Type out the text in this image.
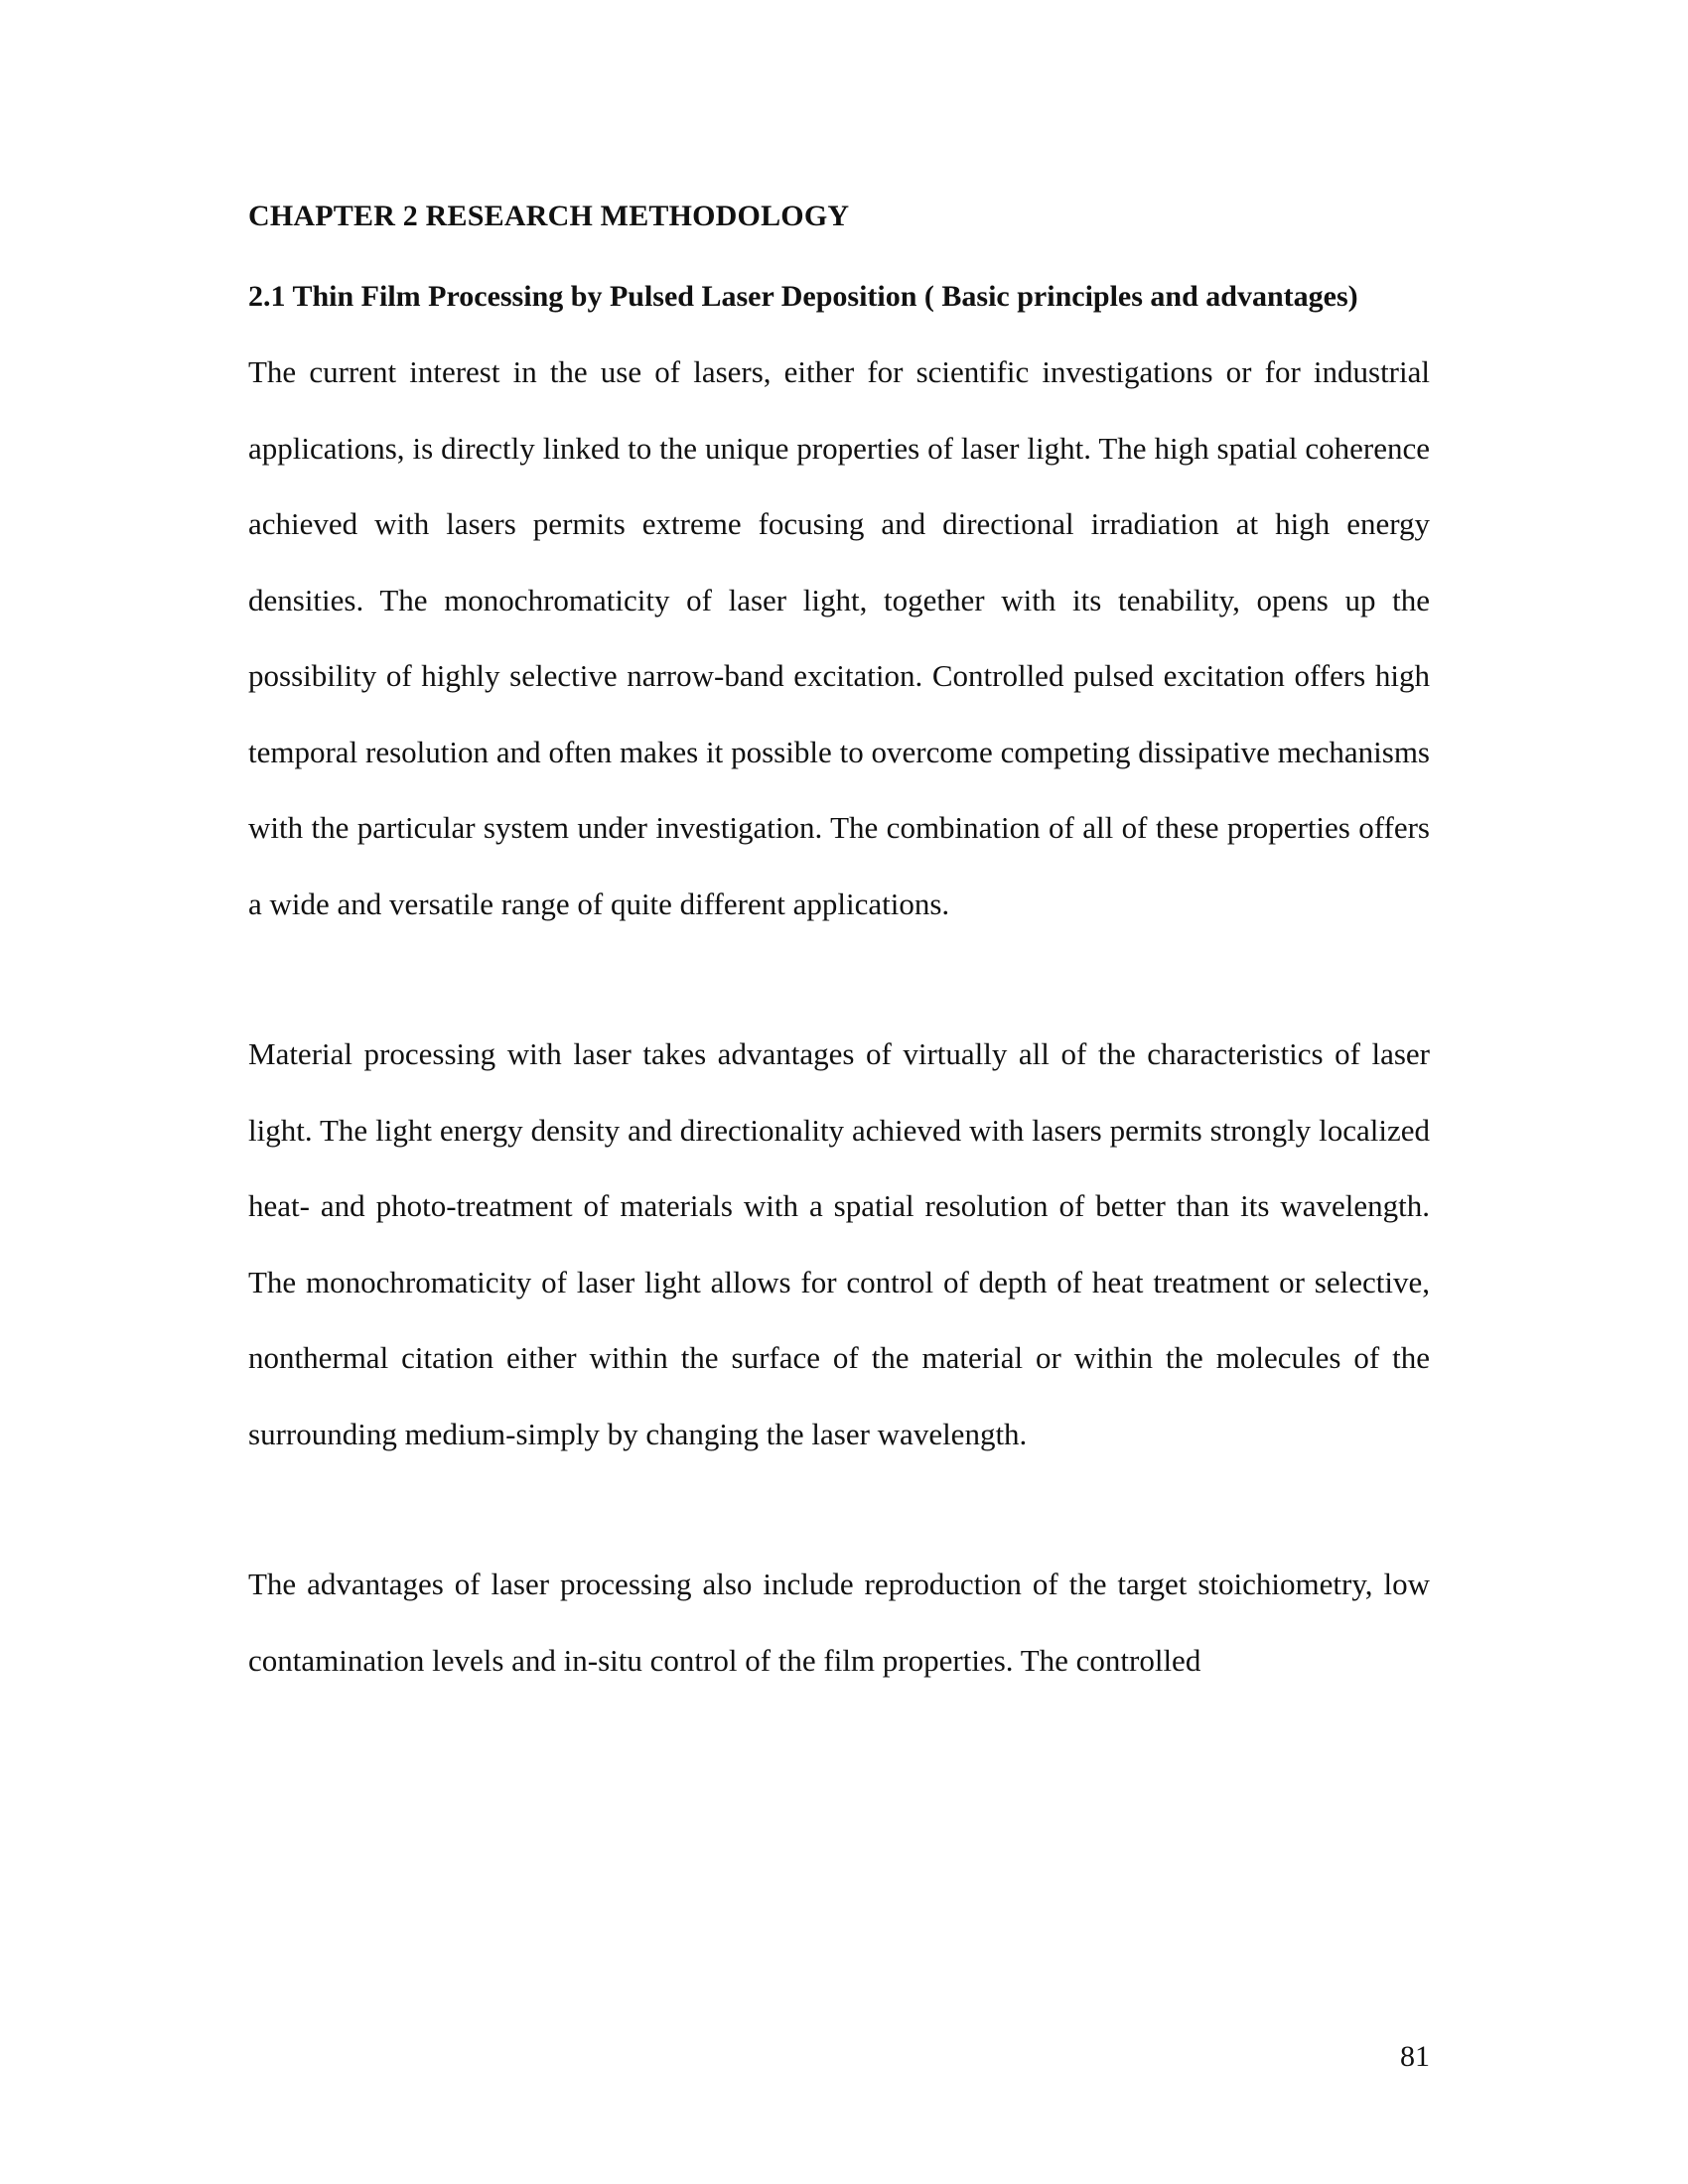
CHAPTER 2 RESEARCH METHODOLOGY

2.1 Thin Film Processing by Pulsed Laser Deposition ( Basic principles and advantages)

The current interest in the use of lasers, either for scientific investigations or for industrial applications, is directly linked to the unique properties of laser light. The high spatial coherence achieved with lasers permits extreme focusing and directional irradiation at high energy densities. The monochromaticity of laser light, together with its tenability, opens up the possibility of highly selective narrow-band excitation. Controlled pulsed excitation offers high temporal resolution and often makes it possible to overcome competing dissipative mechanisms with the particular system under investigation. The combination of all of these properties offers a wide and versatile range of quite different applications.

Material processing with laser takes advantages of virtually all of the characteristics of laser light. The light energy density and directionality achieved with lasers permits strongly localized heat- and photo-treatment of materials with a spatial resolution of better than its wavelength. The monochromaticity of laser light allows for control of depth of heat treatment or selective, nonthermal citation either within the surface of the material or within the molecules of the surrounding medium-simply by changing the laser wavelength.

The advantages of laser processing also include reproduction of the target stoichiometry, low contamination levels and in-situ control of the film properties. The controlled

81
